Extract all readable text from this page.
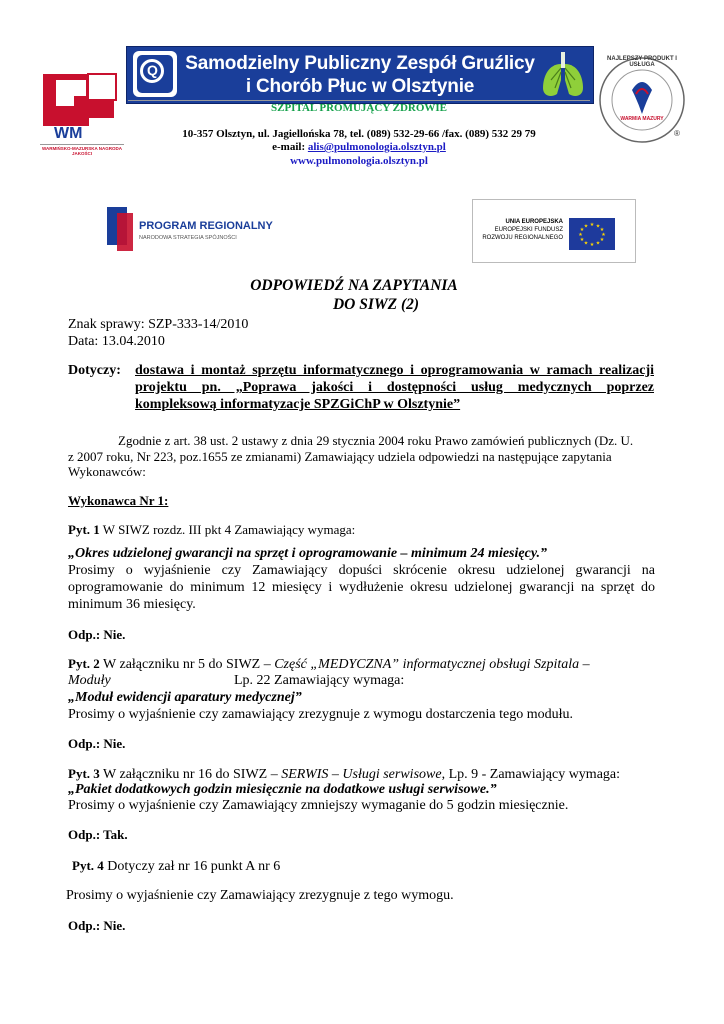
WM
WARMIŃSKO-MAZURSKA NAGRODA JAKOŚCI
Q Samodzielny Publiczny Zespół Gruźlicy
i Chorób Płuc w Olsztynie
®
NAJLEPSZY PRODUKT I USŁUGA
WARMIA MAZURY
SZPITAL PROMUJĄCY ZDROWIE
10-357 Olsztyn, ul. Jagiellońska 78, tel. (089) 532-29-66 /fax. (089) 532 29 79
e-mail: alis@pulmonologia.olsztyn.pl
www.pulmonologia.olsztyn.pl
PROGRAM REGIONALNY
NARODOWA STRATEGIA SPÓJNOŚCI
UNIA EUROPEJSKA
EUROPEJSKI FUNDUSZ
ROZWOJU REGIONALNEGO
★ ★
★
★
★
★
★
★
★
★
★
★
ODPOWIEDŹ NA ZAPYTANIA
DO SIWZ (2)
Znak sprawy: SZP-333-14/2010
Data: 13.04.2010
Dotyczy: dostawa i montaż sprzętu informatycznego i oprogramowania w ramach realizacji
projektu pn. „Poprawa jakości i dostępności usług medycznych poprzez
kompleksową informatyzacje SPZGiChP w Olsztynie”
Zgodnie z art. 38 ust. 2 ustawy z dnia 29 stycznia 2004 roku Prawo zamówień publicznych (Dz. U.
z 2007 roku, Nr 223, poz.1655 ze zmianami) Zamawiający udziela odpowiedzi na następujące zapytania
Wykonawców:
Wykonawca Nr 1:
Pyt. 1 W SIWZ rozdz. III pkt 4 Zamawiający wymaga:
„Okres udzielonej gwarancji na sprzęt i oprogramowanie – minimum 24 miesięcy.”
Prosimy o wyjaśnienie czy Zamawiający dopuści skrócenie okresu udzielonej gwarancji na
oprogramowanie do minimum 12 miesięcy i wydłużenie okresu udzielonej gwarancji na sprzęt do
minimum 36 miesięcy.
Odp.: Nie.
Pyt. 2 W załączniku nr 5 do SIWZ – Część „MEDYCZNA” informatycznej obsługi Szpitala –
Moduły	Lp. 22 Zamawiający wymaga:
„Moduł ewidencji aparatury medycznej”
Prosimy o wyjaśnienie czy zamawiający zrezygnuje z wymogu dostarczenia tego modułu.
Odp.: Nie.
Pyt. 3 W załączniku nr 16 do SIWZ – SERWIS – Usługi serwisowe, Lp. 9 - Zamawiający wymaga:
„Pakiet dodatkowych godzin miesięcznie na dodatkowe usługi serwisowe.”
Prosimy o wyjaśnienie czy Zamawiający zmniejszy wymaganie do 5 godzin miesięcznie.
Odp.: Tak.
Pyt. 4 Dotyczy zał nr 16 punkt A nr 6
Prosimy o wyjaśnienie czy Zamawiający zrezygnuje z tego wymogu.
Odp.: Nie.
